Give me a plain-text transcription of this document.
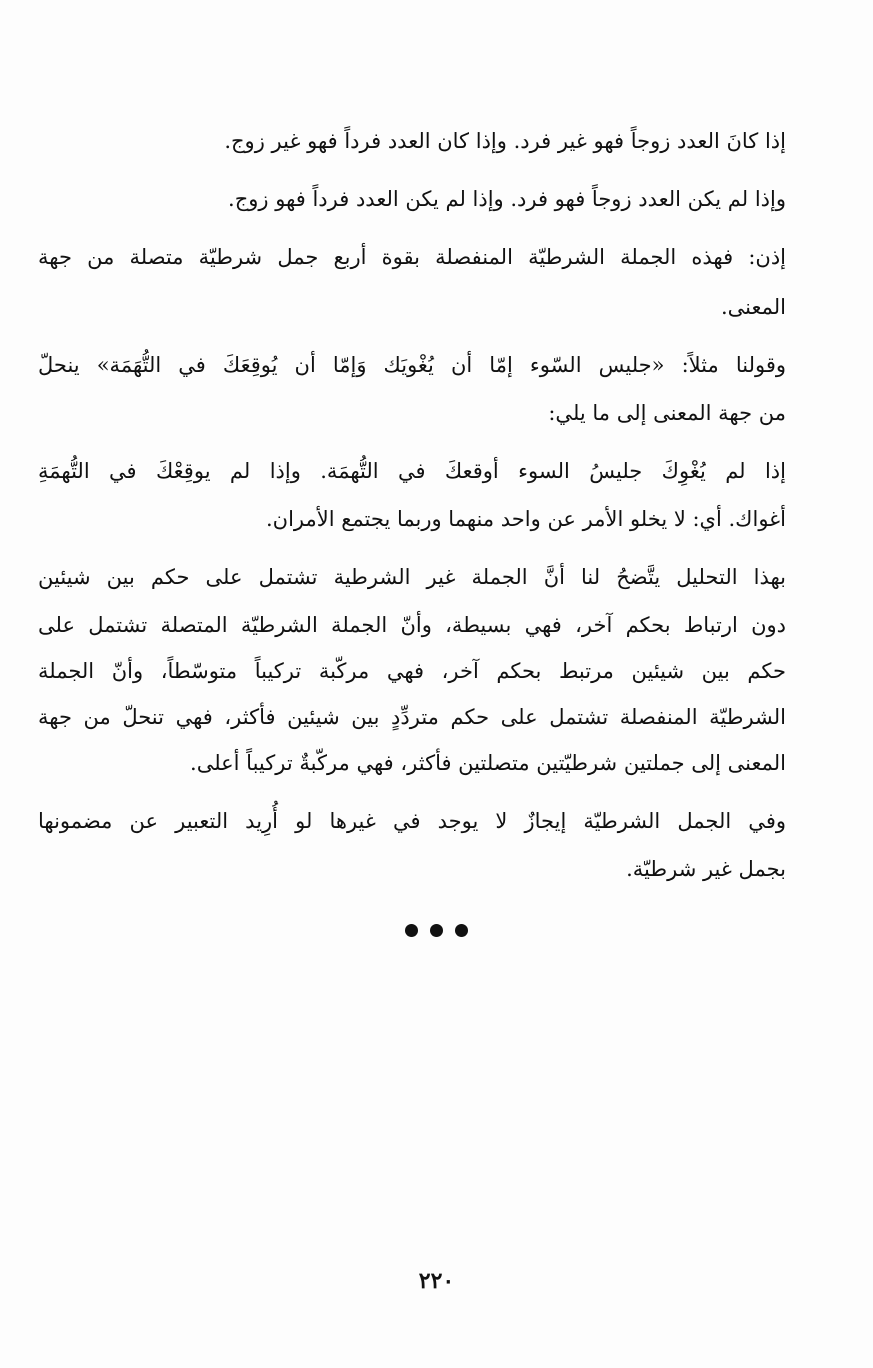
إذا كانَ العدد زوجاً فهو غير فرد. وإذا كان العدد فرداً فهو غير زوج.
وإذا لم يكن العدد زوجاً فهو فرد. وإذا لم يكن العدد فرداً فهو زوج.
إذن: فهذه الجملة الشرطيّة المنفصلة بقوة أربع جمل شرطيّة متصلة من جهة
المعنى.
وقولنا مثلاً: «جليس السّوء إمّا أن يُغْويَك وَإمّا أن يُوقِعَكَ في التُّهَمَة» ينحلّ
من جهة المعنى إلى ما يلي:
إذا لم يُغْوِكَ جليسُ السوء أوقعكَ في التُّهمَة. وإذا لم يوقِعْكَ في التُّهمَةِ
أغواك. أي: لا يخلو الأمر عن واحد منهما وربما يجتمع الأمران.
بهذا التحليل يتَّضحُ لنا أنَّ الجملة غير الشرطية تشتمل على حكم بين شيئين
دون ارتباط بحكم آخر، فهي بسيطة، وأنّ الجملة الشرطيّة المتصلة تشتمل على
حكم بين شيئين مرتبط بحكم آخر، فهي مركّبة تركيباً متوسّطاً، وأنّ الجملة
الشرطيّة المنفصلة تشتمل على حكم متردِّدٍ بين شيئين فأكثر، فهي تنحلّ من جهة
المعنى إلى جملتين شرطيّتين متصلتين فأكثر، فهي مركّبةٌ تركيباً أعلى.
وفي الجمل الشرطيّة إيجازٌ لا يوجد في غيرها لو أُرِيد التعبير عن مضمونها
بجمل غير شرطيّة.
٢٢٠
